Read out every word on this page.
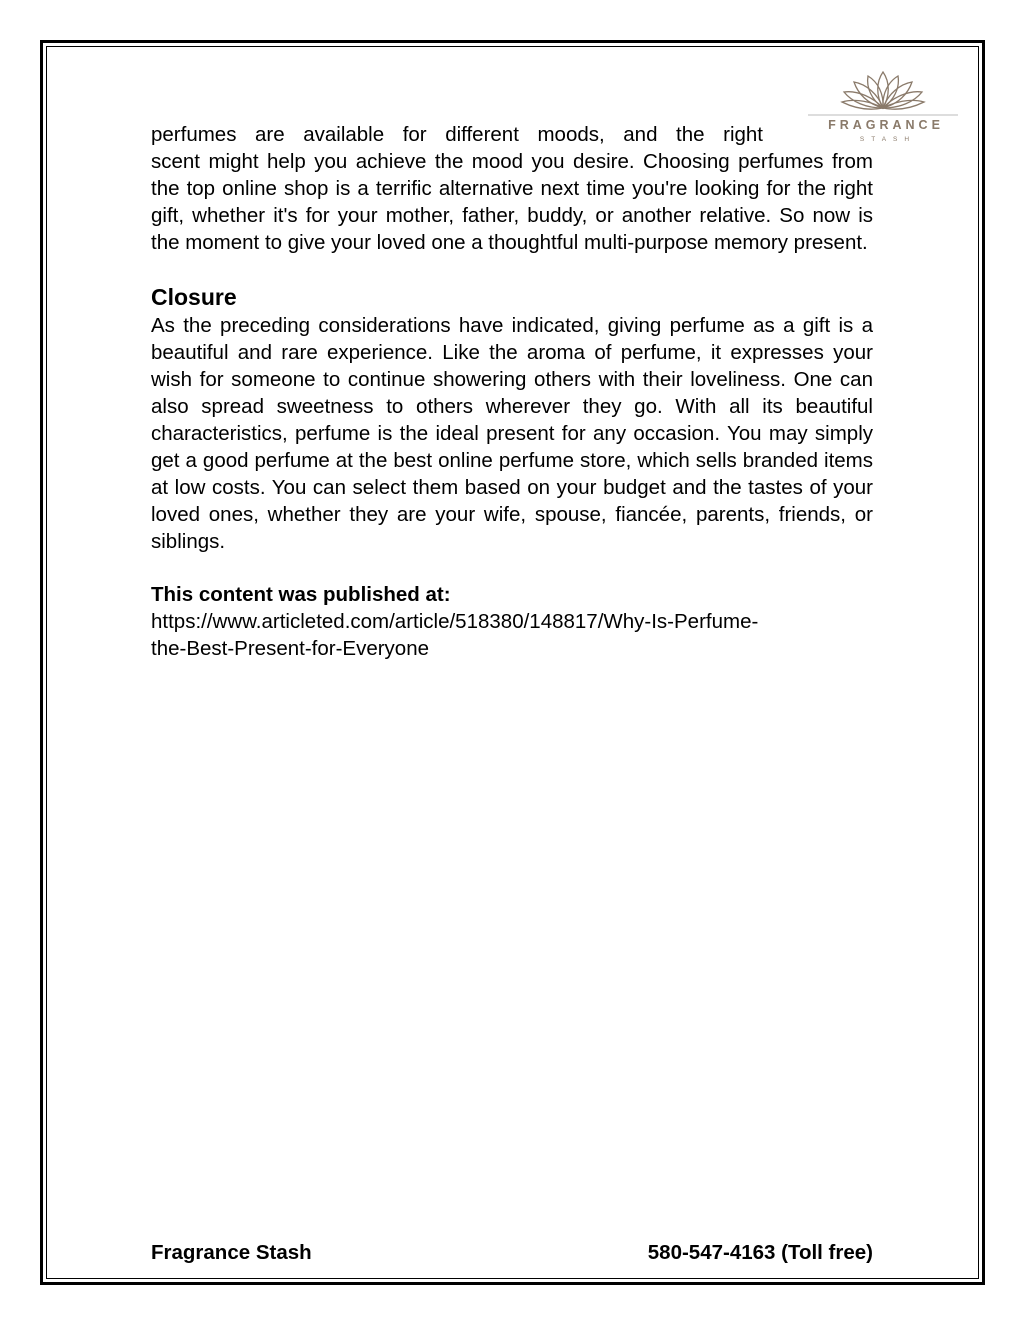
FRAGRANCE
STASH

perfumes are available for different moods, and the right
scent might help you achieve the mood you desire. Choosing perfumes from the top online shop is a terrific alternative next time you're looking for the right gift, whether it's for your mother, father, buddy, or another relative. So now is the moment to give your loved one a thoughtful multi-purpose memory present.

Closure

As the preceding considerations have indicated, giving perfume as a gift is a beautiful and rare experience. Like the aroma of perfume, it expresses your wish for someone to continue showering others with their loveliness. One can also spread sweetness to others wherever they go. With all its beautiful characteristics, perfume is the ideal present for any occasion. You may simply get a good perfume at the best online perfume store, which sells branded items at low costs. You can select them based on your budget and the tastes of your loved ones, whether they are your wife, spouse, fiancée, parents, friends, or siblings.

This content was published at:
https://www.articleted.com/article/518380/148817/Why-Is-Perfume-
the-Best-Present-for-Everyone
Fragrance Stash	580-547-4163 (Toll free)
